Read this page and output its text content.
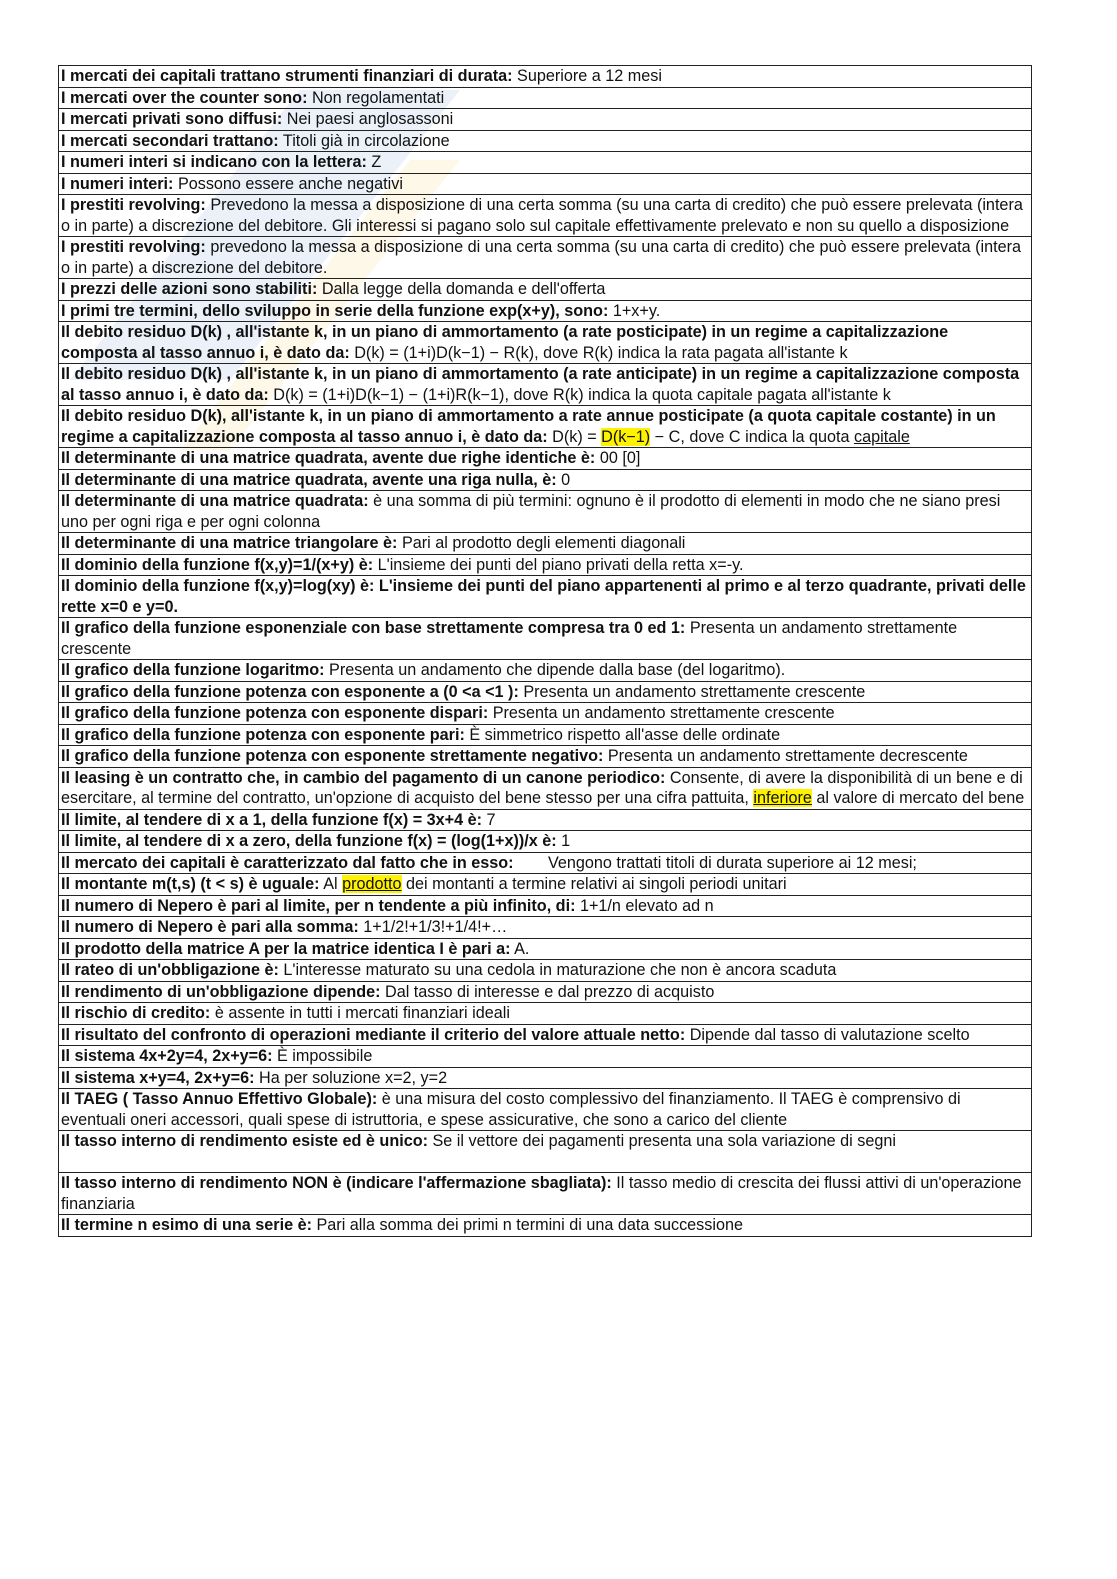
I mercati dei capitali trattano strumenti finanziari di durata: Superiore a 12 mesi
I mercati over the counter sono: Non regolamentati
I mercati privati sono diffusi: Nei paesi anglosassoni
I mercati secondari trattano: Titoli già in circolazione
I numeri interi si indicano con la lettera: Z
I numeri interi: Possono essere anche negativi
I prestiti revolving: Prevedono la messa a disposizione di una certa somma (su una carta di credito) che può essere prelevata (intera o in parte) a discrezione del debitore. Gli interessi si pagano solo sul capitale effettivamente prelevato e non su quello a disposizione
I prestiti revolving: prevedono la messa a disposizione di una certa somma (su una carta di credito) che può essere prelevata (intera o in parte) a discrezione del debitore.
I prezzi delle azioni sono stabiliti: Dalla legge della domanda e dell'offerta
I primi tre termini, dello sviluppo in serie della funzione exp(x+y), sono: 1+x+y.
Il debito residuo D(k) , all'istante k, in un piano di ammortamento (a rate posticipate) in un regime a capitalizzazione composta al tasso annuo i, è dato da: D(k) = (1+i)D(k−1) − R(k), dove R(k) indica la rata pagata all'istante k
Il debito residuo D(k) , all'istante k, in un piano di ammortamento (a rate anticipate) in un regime a capitalizzazione composta al tasso annuo i, è dato da: D(k) = (1+i)D(k−1) − (1+i)R(k−1), dove R(k) indica la quota capitale pagata all'istante k
Il debito residuo D(k), all'istante k, in un piano di ammortamento a rate annue posticipate (a quota capitale costante) in un regime a capitalizzazione composta al tasso annuo i, è dato da: D(k) = D(k−1) − C, dove C indica la quota capitale
Il determinante di una matrice quadrata, avente due righe identiche è: 00 [0]
Il determinante di una matrice quadrata, avente una riga nulla, è: 0
Il determinante di una matrice quadrata: è una somma di più termini: ognuno è il prodotto di elementi in modo che ne siano presi uno per ogni riga e per ogni colonna
Il determinante di una matrice triangolare è: Pari al prodotto degli elementi diagonali
Il dominio della funzione f(x,y)=1/(x+y) è: L'insieme dei punti del piano privati della retta x=-y.
Il dominio della funzione f(x,y)=log(xy) è: L'insieme dei punti del piano appartenenti al primo e al terzo quadrante, privati delle rette x=0 e y=0.
Il grafico della funzione esponenziale con base strettamente compresa tra 0 ed 1: Presenta un andamento strettamente crescente
Il grafico della funzione logaritmo: Presenta un andamento che dipende dalla base (del logaritmo).
Il grafico della funzione potenza con esponente a (0 <a <1 ): Presenta un andamento strettamente crescente
Il grafico della funzione potenza con esponente dispari: Presenta un andamento strettamente crescente
Il grafico della funzione potenza con esponente pari: È simmetrico rispetto all'asse delle ordinate
Il grafico della funzione potenza con esponente strettamente negativo: Presenta un andamento strettamente decrescente
Il leasing è un contratto che, in cambio del pagamento di un canone periodico: Consente, di avere la disponibilità di un bene e di esercitare, al termine del contratto, un'opzione di acquisto del bene stesso per una cifra pattuita, inferiore al valore di mercato del bene
Il limite, al tendere di x a 1, della funzione f(x) = 3x+4 è: 7
Il limite, al tendere di x a zero, della funzione f(x) = (log(1+x))/x è: 1
Il mercato dei capitali è caratterizzato dal fatto che in esso: Vengono trattati titoli di durata superiore ai 12 mesi;
Il montante m(t,s) (t < s) è uguale: Al prodotto dei montanti a termine relativi ai singoli periodi unitari
Il numero di Nepero è pari al limite, per n tendente a più infinito, di: 1+1/n elevato ad n
Il numero di Nepero è pari alla somma: 1+1/2!+1/3!+1/4!+…
Il prodotto della matrice A per la matrice identica I è pari a: A.
Il rateo di un'obbligazione è: L'interesse maturato su una cedola in maturazione che non è ancora scaduta
Il rendimento di un'obbligazione dipende: Dal tasso di interesse e dal prezzo di acquisto
Il rischio di credito: è assente in tutti i mercati finanziari ideali
Il risultato del confronto di operazioni mediante il criterio del valore attuale netto: Dipende dal tasso di valutazione scelto
Il sistema 4x+2y=4, 2x+y=6: È impossibile
Il sistema x+y=4, 2x+y=6: Ha per soluzione x=2, y=2
Il TAEG ( Tasso Annuo Effettivo Globale): è una misura del costo complessivo del finanziamento. Il TAEG è comprensivo di eventuali oneri accessori, quali spese di istruttoria, e spese assicurative, che sono a carico del cliente
Il tasso interno di rendimento esiste ed è unico: Se il vettore dei pagamenti presenta una sola variazione di segni

Il tasso interno di rendimento NON è (indicare l'affermazione sbagliata): Il tasso medio di crescita dei flussi attivi di un'operazione finanziaria
Il termine n esimo di una serie è: Pari alla somma dei primi n termini di una data successione
